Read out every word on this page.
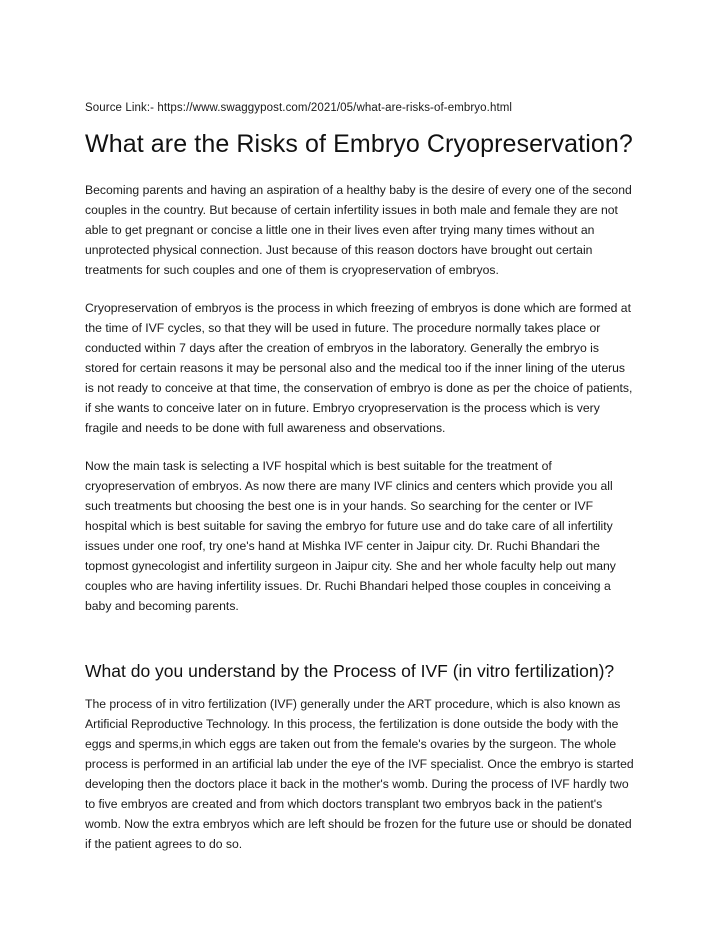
Source Link:- https://www.swaggypost.com/2021/05/what-are-risks-of-embryo.html

What are the Risks of Embryo Cryopreservation?

Becoming parents and having an aspiration of a healthy baby is the desire of every one of the second couples in the country. But because of certain infertility issues in both male and female they are not able to get pregnant or concise a little one in their lives even after trying many times without an unprotected physical connection. Just because of this reason doctors have brought out certain treatments for such couples and one of them is cryopreservation of embryos.

Cryopreservation of embryos is the process in which freezing of embryos is done which are formed at the time of IVF cycles, so that they will be used in future. The procedure normally takes place or conducted within 7 days after the creation of embryos in the laboratory. Generally the embryo is stored for certain reasons it may be personal also and the medical too if the inner lining of the uterus is not ready to conceive at that time, the conservation of embryo is done as per the choice of patients, if she wants to conceive later on in future. Embryo cryopreservation is the process which is very fragile and needs to be done with full awareness and observations.

Now the main task is selecting a IVF hospital which is best suitable for the treatment of cryopreservation of embryos. As now there are many IVF clinics and centers which provide you all such treatments but choosing the best one is in your hands. So searching for the center or IVF hospital which is best suitable for saving the embryo for future use and do take care of all infertility issues under one roof, try one's hand at Mishka IVF center in Jaipur city. Dr. Ruchi Bhandari the topmost gynecologist and infertility surgeon in Jaipur city. She and her whole faculty help out many couples who are having infertility issues. Dr. Ruchi Bhandari helped those couples in conceiving a baby and becoming parents.

What do you understand by the Process of IVF (in vitro fertilization)?

The process of in vitro fertilization (IVF) generally under the ART procedure, which is also known as Artificial Reproductive Technology. In this process, the fertilization is done outside the body with the eggs and sperms,in which eggs are taken out from the female's ovaries by the surgeon. The whole process is performed in an artificial lab under the eye of the IVF specialist. Once the embryo is started developing then the doctors place it back in the mother's womb. During the process of IVF hardly two to five embryos are created and from which doctors transplant two embryos back in the patient's womb. Now the extra embryos which are left should be frozen for the future use or should be donated if the patient agrees to do so.
